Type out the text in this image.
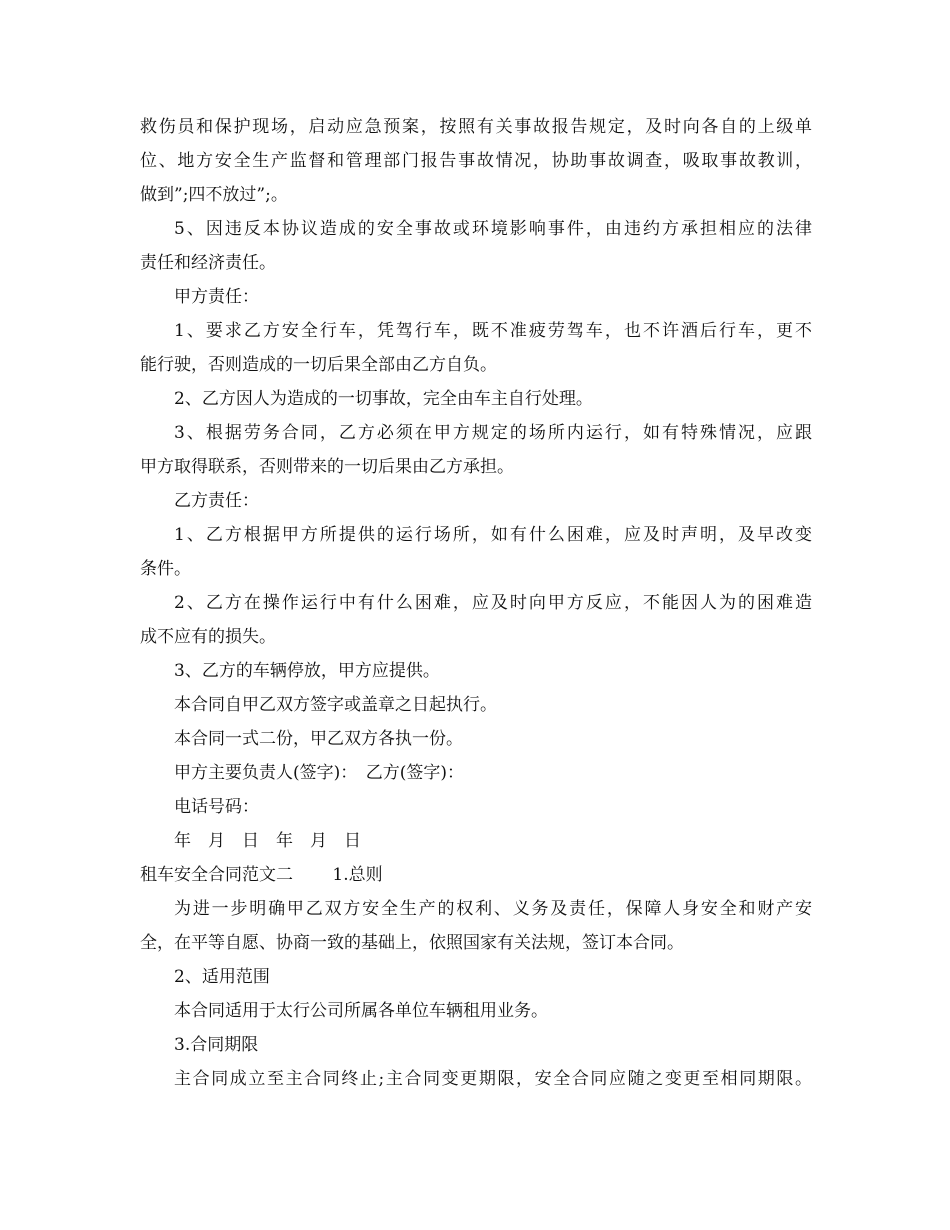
救伤员和保护现场，启动应急预案，按照有关事故报告规定，及时向各自的上级单
位、地方安全生产监督和管理部门报告事故情况，协助事故调查，吸取事故教训，
做到”;四不放过”;。
5、因违反本协议造成的安全事故或环境影响事件，由违约方承担相应的法律
责任和经济责任。
甲方责任：
1、要求乙方安全行车，凭驾行车，既不准疲劳驾车，也不许酒后行车，更不
能行驶，否则造成的一切后果全部由乙方自负。
2、乙方因人为造成的一切事故，完全由车主自行处理。
3、根据劳务合同，乙方必须在甲方规定的场所内运行，如有特殊情况，应跟
甲方取得联系，否则带来的一切后果由乙方承担。
乙方责任：
1、乙方根据甲方所提供的运行场所，如有什么困难，应及时声明，及早改变
条件。
2、乙方在操作运行中有什么困难，应及时向甲方反应，不能因人为的困难造
成不应有的损失。
3、乙方的车辆停放，甲方应提供。
本合同自甲乙双方签字或盖章之日起执行。
本合同一式二份，甲乙双方各执一份。
甲方主要负责人(签字)：　乙方(签字)：
电话号码：
年　月　日　年　月　日
租车安全合同范文二　　 1.总则
为进一步明确甲乙双方安全生产的权利、义务及责任，保障人身安全和财产安
全，在平等自愿、协商一致的基础上，依照国家有关法规，签订本合同。
2、适用范围
本合同适用于太行公司所属各单位车辆租用业务。
3.合同期限
主合同成立至主合同终止;主合同变更期限，安全合同应随之变更至相同期限。
